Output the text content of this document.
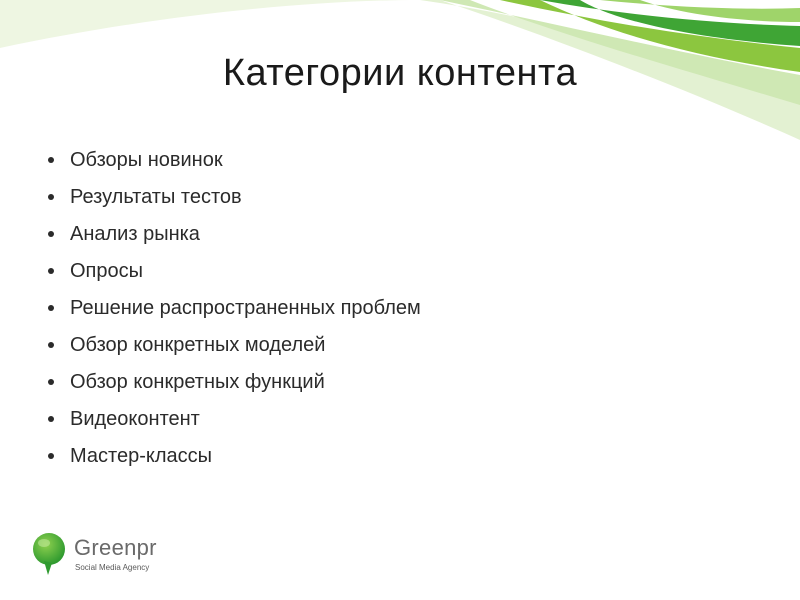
Категории контента
Обзоры новинок
Результаты тестов
Анализ рынка
Опросы
Решение распространенных проблем
Обзор конкретных моделей
Обзор конкретных функций
Видеоконтент
Мастер-классы
Greenpr
Social Media Agency
